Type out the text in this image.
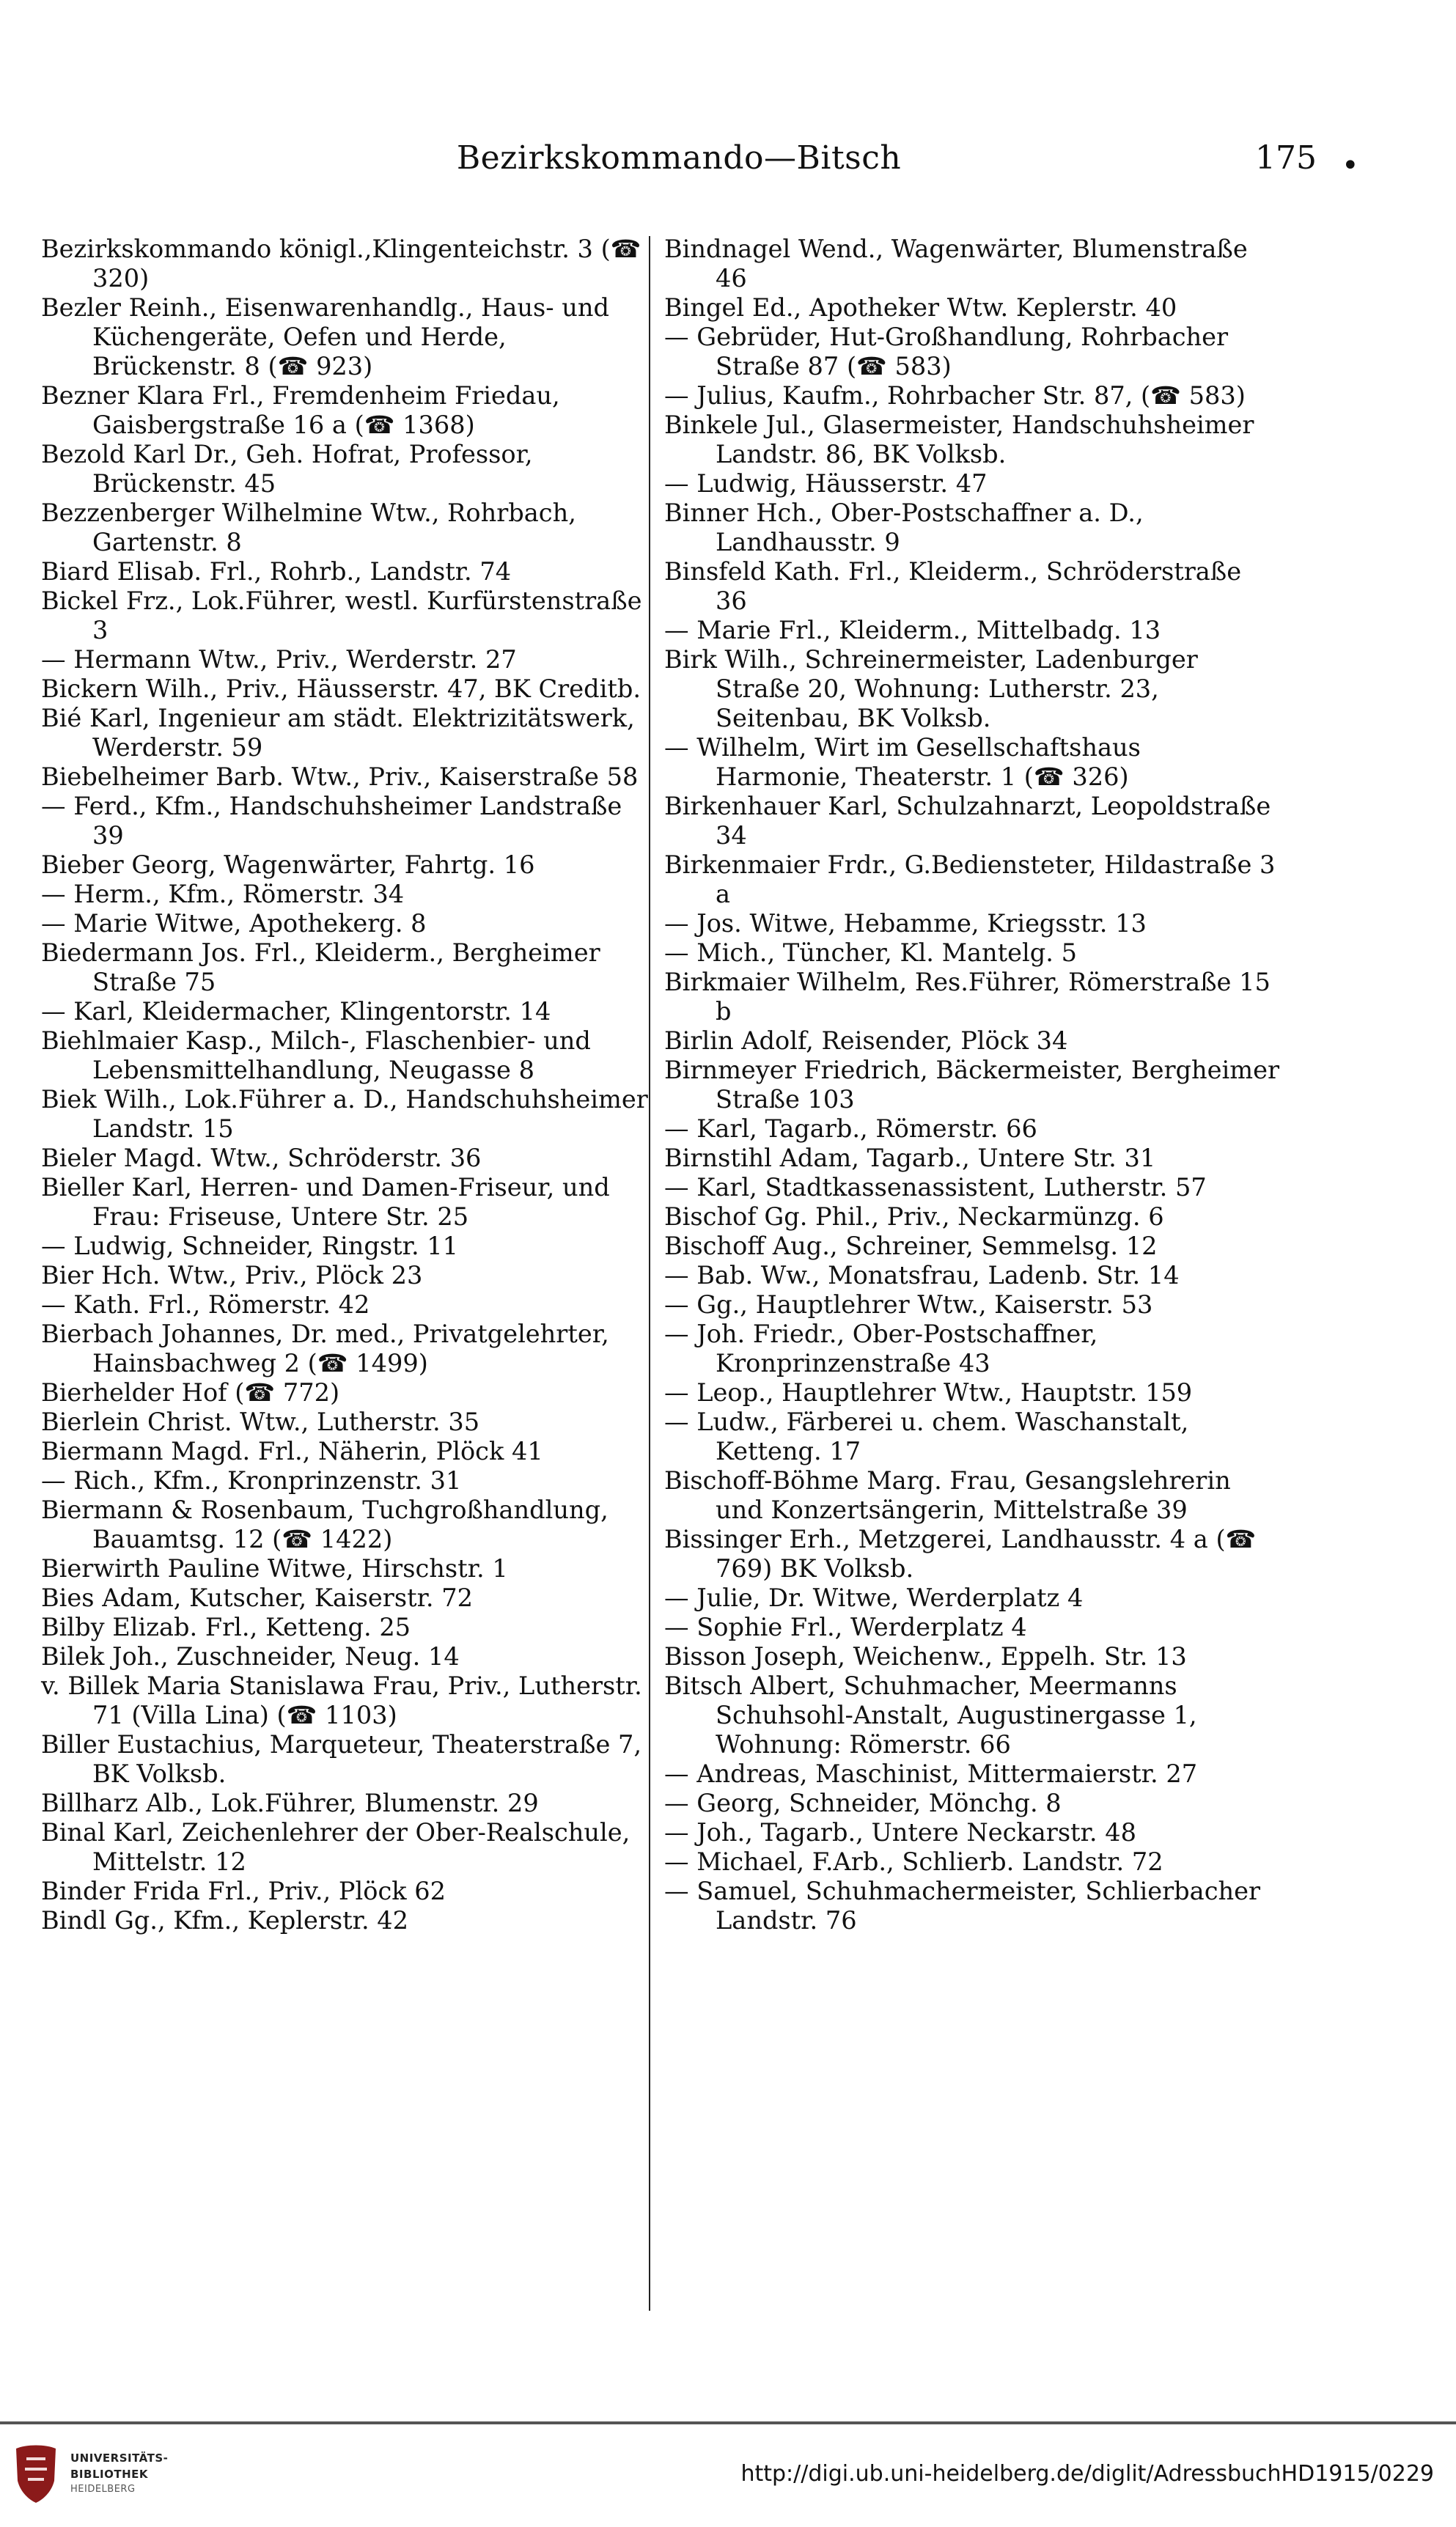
Bezirkskommando—Bitsch	175 •

Bezirkskommando königl.,Klingenteichstr. 3 (☎ 320)

Bezler Reinh., Eisenwarenhandlg., Haus- und Küchengeräte, Oefen und Herde, Brückenstr. 8 (☎ 923)

Bezner Klara Frl., Fremdenheim Friedau, Gaisbergstraße 16 a (☎ 1368)

Bezold Karl Dr., Geh. Hofrat, Professor, Brückenstr. 45

Bezzenberger Wilhelmine Wtw., Rohrbach, Gartenstr. 8

Biard Elisab. Frl., Rohrb., Landstr. 74

Bickel Frz., Lok.Führer, westl. Kurfürstenstraße 3

— Hermann Wtw., Priv., Werderstr. 27

Bickern Wilh., Priv., Häusserstr. 47, BK Creditb.

Bié Karl, Ingenieur am städt. Elektrizitätswerk, Werderstr. 59

Biebelheimer Barb. Wtw., Priv., Kaiserstraße 58

— Ferd., Kfm., Handschuhsheimer Landstraße 39

Bieber Georg, Wagenwärter, Fahrtg. 16

— Herm., Kfm., Römerstr. 34

— Marie Witwe, Apothekerg. 8

Biedermann Jos. Frl., Kleiderm., Bergheimer Straße 75

— Karl, Kleidermacher, Klingentorstr. 14

Biehlmaier Kasp., Milch-, Flaschenbier- und Lebensmittelhandlung, Neugasse 8

Biek Wilh., Lok.Führer a. D., Handschuhsheimer Landstr. 15

Bieler Magd. Wtw., Schröderstr. 36

Bieller Karl, Herren- und Damen-Friseur, und Frau: Friseuse, Untere Str. 25

— Ludwig, Schneider, Ringstr. 11

Bier Hch. Wtw., Priv., Plöck 23

— Kath. Frl., Römerstr. 42

Bierbach Johannes, Dr. med., Privatgelehrter, Hainsbachweg 2 (☎ 1499)

Bierhelder Hof (☎ 772)

Bierlein Christ. Wtw., Lutherstr. 35

Biermann Magd. Frl., Näherin, Plöck 41

— Rich., Kfm., Kronprinzenstr. 31

Biermann & Rosenbaum, Tuchgroßhandlung, Bauamtsg. 12 (☎ 1422)

Bierwirth Pauline Witwe, Hirschstr. 1

Bies Adam, Kutscher, Kaiserstr. 72

Bilby Elizab. Frl., Ketteng. 25

Bilek Joh., Zuschneider, Neug. 14

v. Billek Maria Stanislawa Frau, Priv., Lutherstr. 71 (Villa Lina) (☎ 1103)

Biller Eustachius, Marqueteur, Theaterstraße 7, BK Volksb.

Billharz Alb., Lok.Führer, Blumenstr. 29

Binal Karl, Zeichenlehrer der Ober-Realschule, Mittelstr. 12

Binder Frida Frl., Priv., Plöck 62

Bindl Gg., Kfm., Keplerstr. 42

Bindnagel Wend., Wagenwärter, Blumenstraße 46

Bingel Ed., Apotheker Wtw. Keplerstr. 40

— Gebrüder, Hut-Großhandlung, Rohrbacher Straße 87 (☎ 583)

— Julius, Kaufm., Rohrbacher Str. 87, (☎ 583)

Binkele Jul., Glasermeister, Handschuhsheimer Landstr. 86, BK Volksb.

— Ludwig, Häusserstr. 47

Binner Hch., Ober-Postschaffner a. D., Landhausstr. 9

Binsfeld Kath. Frl., Kleiderm., Schröderstraße 36

— Marie Frl., Kleiderm., Mittelbadg. 13

Birk Wilh., Schreinermeister, Ladenburger Straße 20, Wohnung: Lutherstr. 23, Seitenbau, BK Volksb.

— Wilhelm, Wirt im Gesellschaftshaus Harmonie, Theaterstr. 1 (☎ 326)

Birkenhauer Karl, Schulzahnarzt, Leopoldstraße 34

Birkenmaier Frdr., G.Bediensteter, Hildastraße 3 a

— Jos. Witwe, Hebamme, Kriegsstr. 13

— Mich., Tüncher, Kl. Mantelg. 5

Birkmaier Wilhelm, Res.Führer, Römerstraße 15 b

Birlin Adolf, Reisender, Plöck 34

Birnmeyer Friedrich, Bäckermeister, Bergheimer Straße 103

— Karl, Tagarb., Römerstr. 66

Birnstihl Adam, Tagarb., Untere Str. 31

— Karl, Stadtkassenassistent, Lutherstr. 57

Bischof Gg. Phil., Priv., Neckarmünzg. 6

Bischoff Aug., Schreiner, Semmelsg. 12

— Bab. Ww., Monatsfrau, Ladenb. Str. 14

— Gg., Hauptlehrer Wtw., Kaiserstr. 53

— Joh. Friedr., Ober-Postschaffner, Kronprinzenstraße 43

— Leop., Hauptlehrer Wtw., Hauptstr. 159

— Ludw., Färberei u. chem. Waschanstalt, Ketteng. 17

Bischoff-Böhme Marg. Frau, Gesangslehrerin und Konzertsängerin, Mittelstraße 39

Bissinger Erh., Metzgerei, Landhausstr. 4 a (☎ 769) BK Volksb.

— Julie, Dr. Witwe, Werderplatz 4

— Sophie Frl., Werderplatz 4

Bisson Joseph, Weichenw., Eppelh. Str. 13

Bitsch Albert, Schuhmacher, Meermanns Schuhsohl-Anstalt, Augustinergasse 1, Wohnung: Römerstr. 66

— Andreas, Maschinist, Mittermaierstr. 27

— Georg, Schneider, Mönchg. 8

— Joh., Tagarb., Untere Neckarstr. 48

— Michael, F.Arb., Schlierb. Landstr. 72

— Samuel, Schuhmachermeister, Schlierbacher Landstr. 76

UNIVERSITÄTS-
BIBLIOTHEK
HEIDELBERG
http://digi.ub.uni-heidelberg.de/diglit/AdressbuchHD1915/0229
